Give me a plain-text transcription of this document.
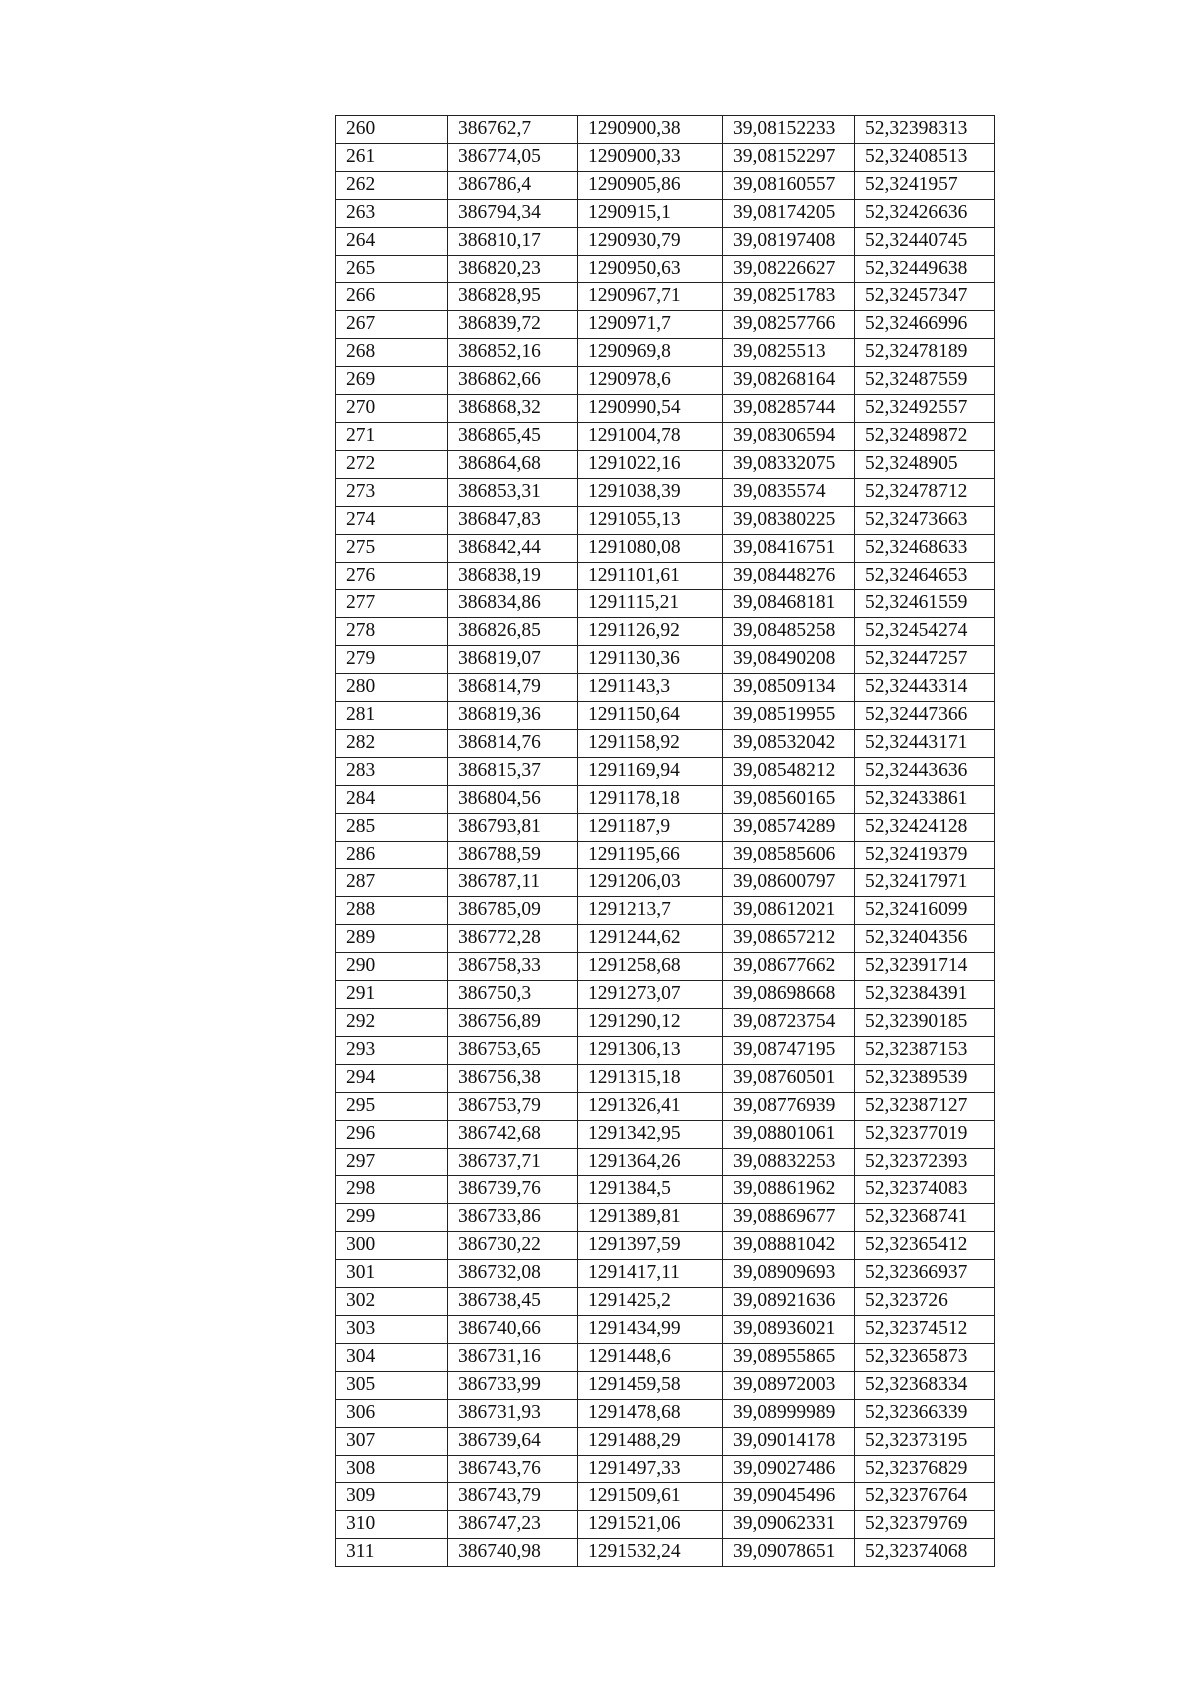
260	386762,7	1290900,38	39,08152233	52,32398313
261	386774,05	1290900,33	39,08152297	52,32408513
262	386786,4	1290905,86	39,08160557	52,3241957
263	386794,34	1290915,1	39,08174205	52,32426636
264	386810,17	1290930,79	39,08197408	52,32440745
265	386820,23	1290950,63	39,08226627	52,32449638
266	386828,95	1290967,71	39,08251783	52,32457347
267	386839,72	1290971,7	39,08257766	52,32466996
268	386852,16	1290969,8	39,0825513	52,32478189
269	386862,66	1290978,6	39,08268164	52,32487559
270	386868,32	1290990,54	39,08285744	52,32492557
271	386865,45	1291004,78	39,08306594	52,32489872
272	386864,68	1291022,16	39,08332075	52,3248905
273	386853,31	1291038,39	39,0835574	52,32478712
274	386847,83	1291055,13	39,08380225	52,32473663
275	386842,44	1291080,08	39,08416751	52,32468633
276	386838,19	1291101,61	39,08448276	52,32464653
277	386834,86	1291115,21	39,08468181	52,32461559
278	386826,85	1291126,92	39,08485258	52,32454274
279	386819,07	1291130,36	39,08490208	52,32447257
280	386814,79	1291143,3	39,08509134	52,32443314
281	386819,36	1291150,64	39,08519955	52,32447366
282	386814,76	1291158,92	39,08532042	52,32443171
283	386815,37	1291169,94	39,08548212	52,32443636
284	386804,56	1291178,18	39,08560165	52,32433861
285	386793,81	1291187,9	39,08574289	52,32424128
286	386788,59	1291195,66	39,08585606	52,32419379
287	386787,11	1291206,03	39,08600797	52,32417971
288	386785,09	1291213,7	39,08612021	52,32416099
289	386772,28	1291244,62	39,08657212	52,32404356
290	386758,33	1291258,68	39,08677662	52,32391714
291	386750,3	1291273,07	39,08698668	52,32384391
292	386756,89	1291290,12	39,08723754	52,32390185
293	386753,65	1291306,13	39,08747195	52,32387153
294	386756,38	1291315,18	39,08760501	52,32389539
295	386753,79	1291326,41	39,08776939	52,32387127
296	386742,68	1291342,95	39,08801061	52,32377019
297	386737,71	1291364,26	39,08832253	52,32372393
298	386739,76	1291384,5	39,08861962	52,32374083
299	386733,86	1291389,81	39,08869677	52,32368741
300	386730,22	1291397,59	39,08881042	52,32365412
301	386732,08	1291417,11	39,08909693	52,32366937
302	386738,45	1291425,2	39,08921636	52,323726
303	386740,66	1291434,99	39,08936021	52,32374512
304	386731,16	1291448,6	39,08955865	52,32365873
305	386733,99	1291459,58	39,08972003	52,32368334
306	386731,93	1291478,68	39,08999989	52,32366339
307	386739,64	1291488,29	39,09014178	52,32373195
308	386743,76	1291497,33	39,09027486	52,32376829
309	386743,79	1291509,61	39,09045496	52,32376764
310	386747,23	1291521,06	39,09062331	52,32379769
311	386740,98	1291532,24	39,09078651	52,32374068
